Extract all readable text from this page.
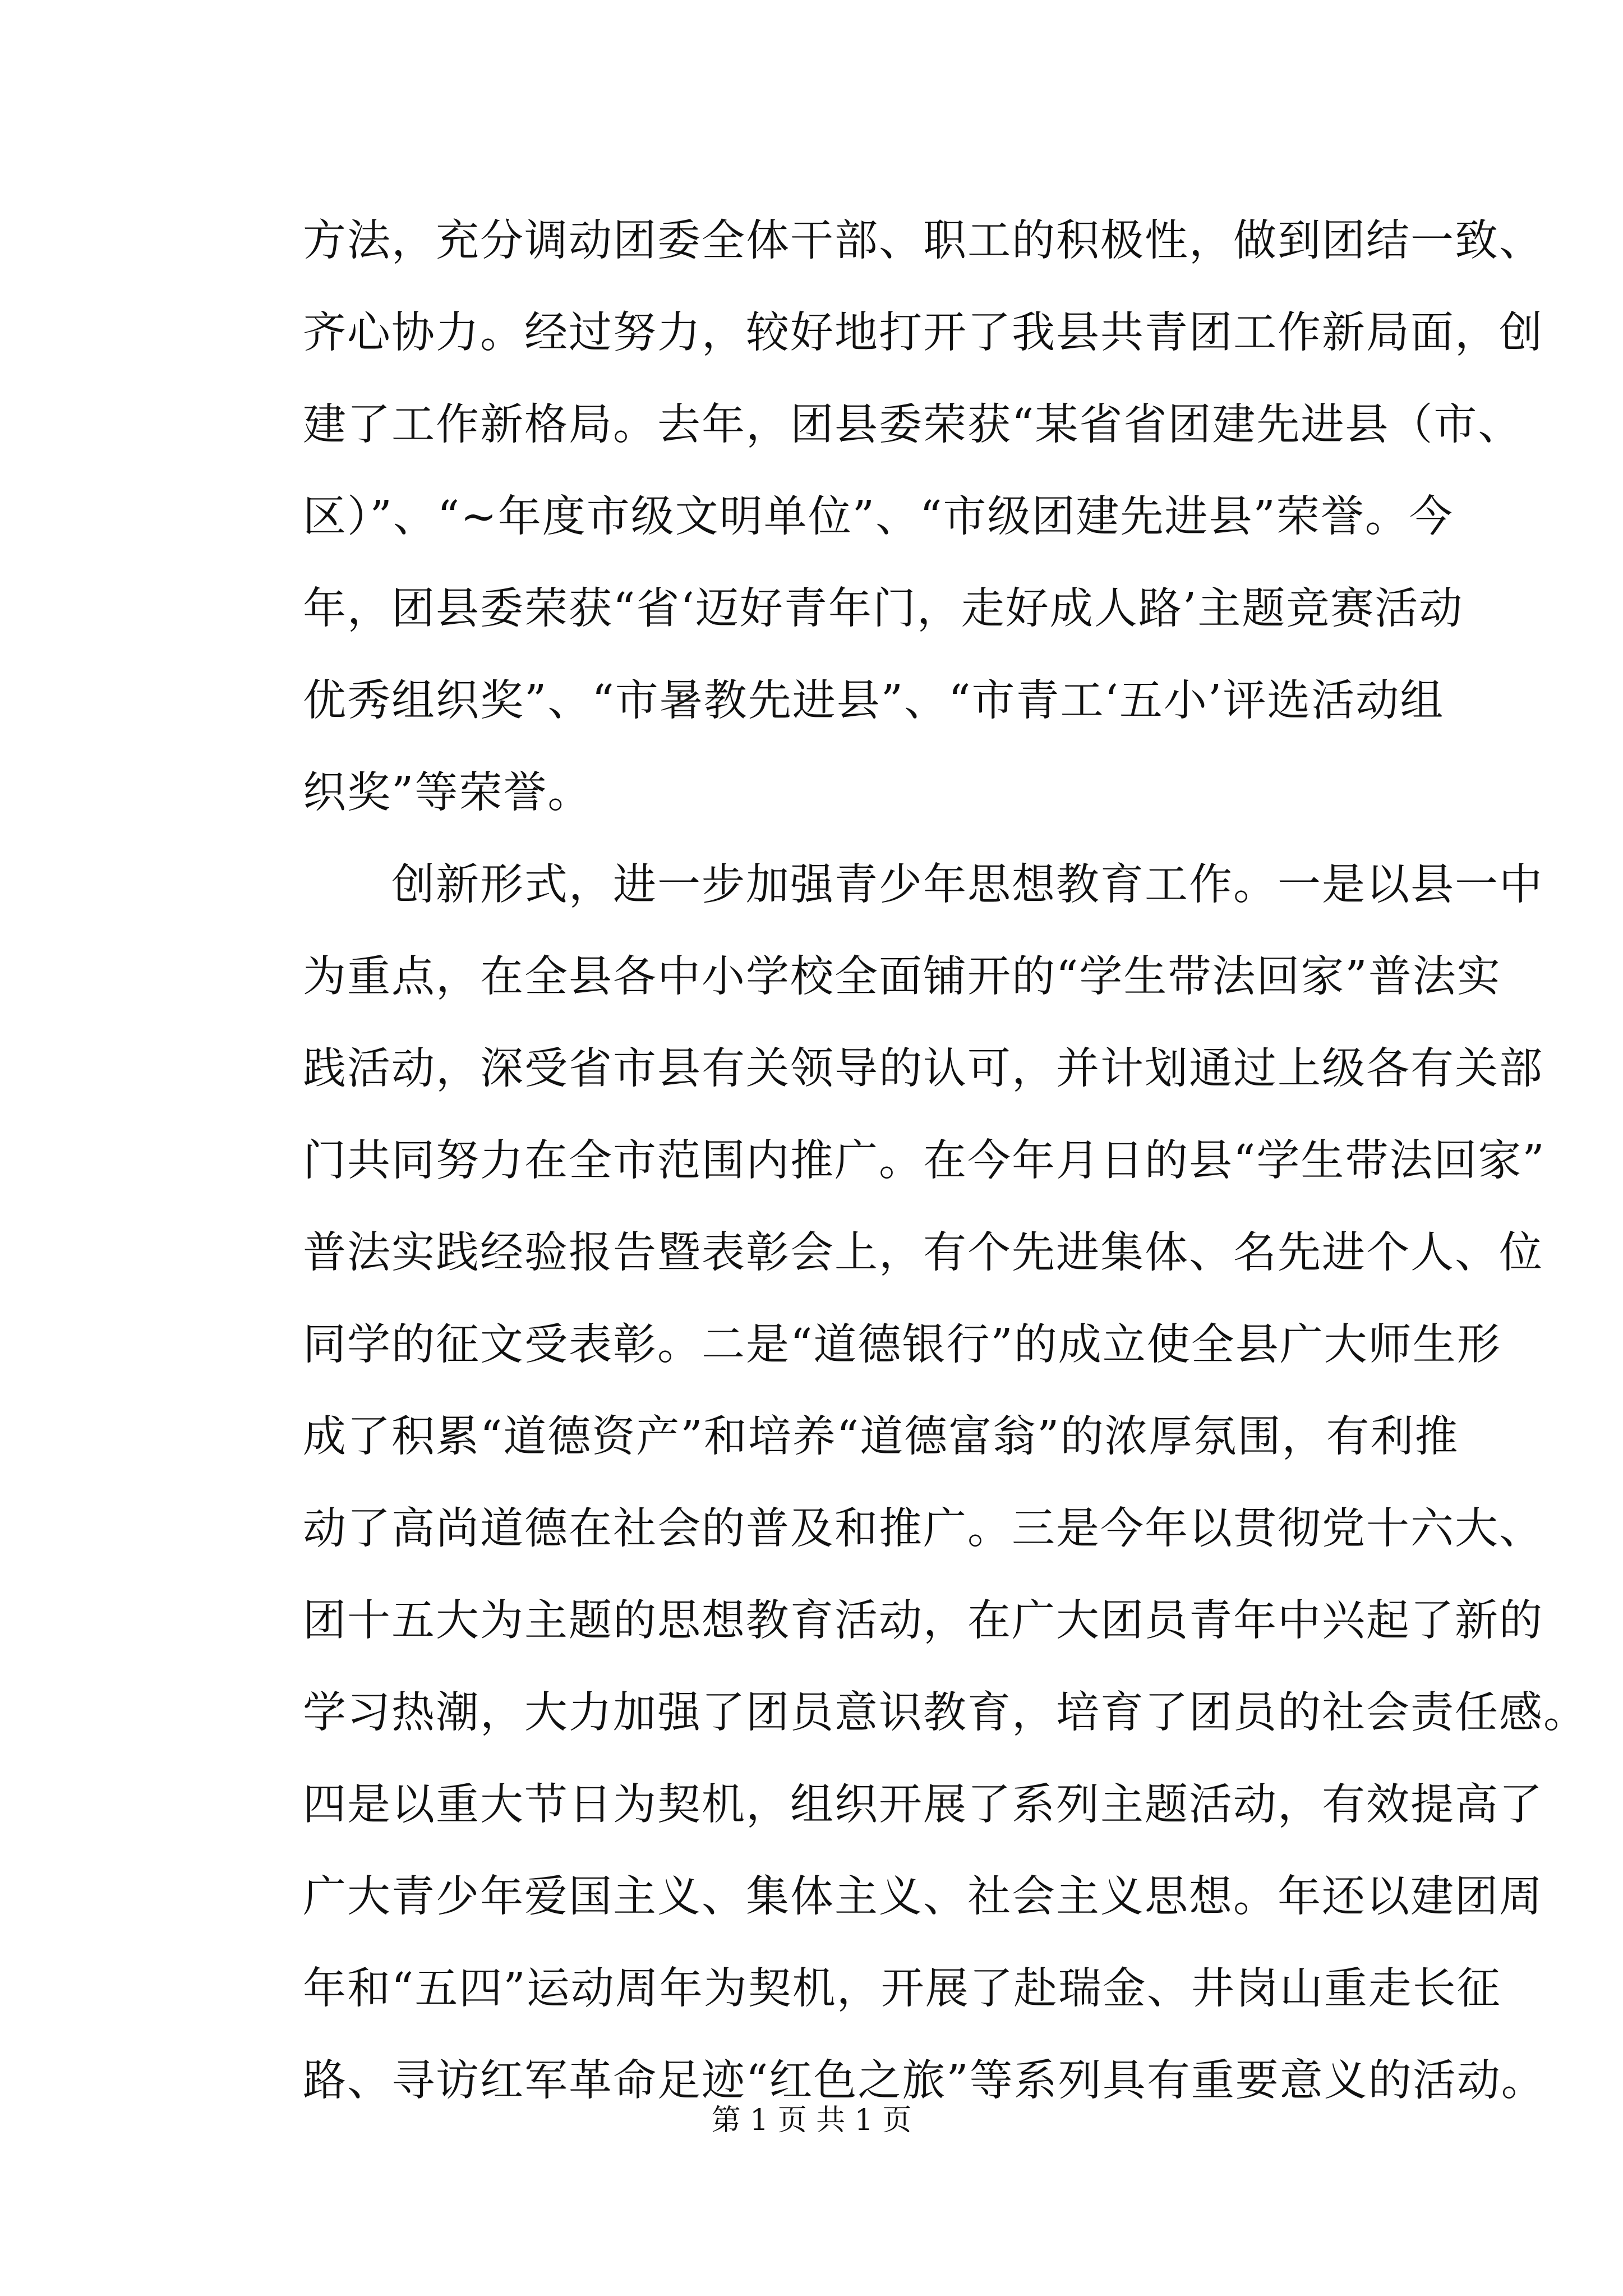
方法，充分调动团委全体干部、职工的积极性，做到团结一致、
齐心协力。经过努力，较好地打开了我县共青团工作新局面，创
建了工作新格局。去年，团县委荣获“某省省团建先进县（市、
区）”、“~年度市级文明单位”、“市级团建先进县”荣誉。今
年，团县委荣获“省‘迈好青年门，走好成人路’主题竞赛活动
优秀组织奖”、“市暑教先进县”、“市青工‘五小’评选活动组
织奖”等荣誉。
　　创新形式，进一步加强青少年思想教育工作。一是以县一中
为重点，在全县各中小学校全面铺开的“学生带法回家”普法实
践活动，深受省市县有关领导的认可，并计划通过上级各有关部
门共同努力在全市范围内推广。在今年月日的县“学生带法回家”
普法实践经验报告暨表彰会上，有个先进集体、名先进个人、位
同学的征文受表彰。二是“道德银行”的成立使全县广大师生形
成了积累“道德资产”和培养“道德富翁”的浓厚氛围，有利推
动了高尚道德在社会的普及和推广。三是今年以贯彻党十六大、
团十五大为主题的思想教育活动，在广大团员青年中兴起了新的
学习热潮，大力加强了团员意识教育，培育了团员的社会责任感。
四是以重大节日为契机，组织开展了系列主题活动，有效提高了
广大青少年爱国主义、集体主义、社会主义思想。年还以建团周
年和“五四”运动周年为契机，开展了赴瑞金、井岗山重走长征
路、寻访红军革命足迹“红色之旅”等系列具有重要意义的活动。
第 1 页 共 1 页
